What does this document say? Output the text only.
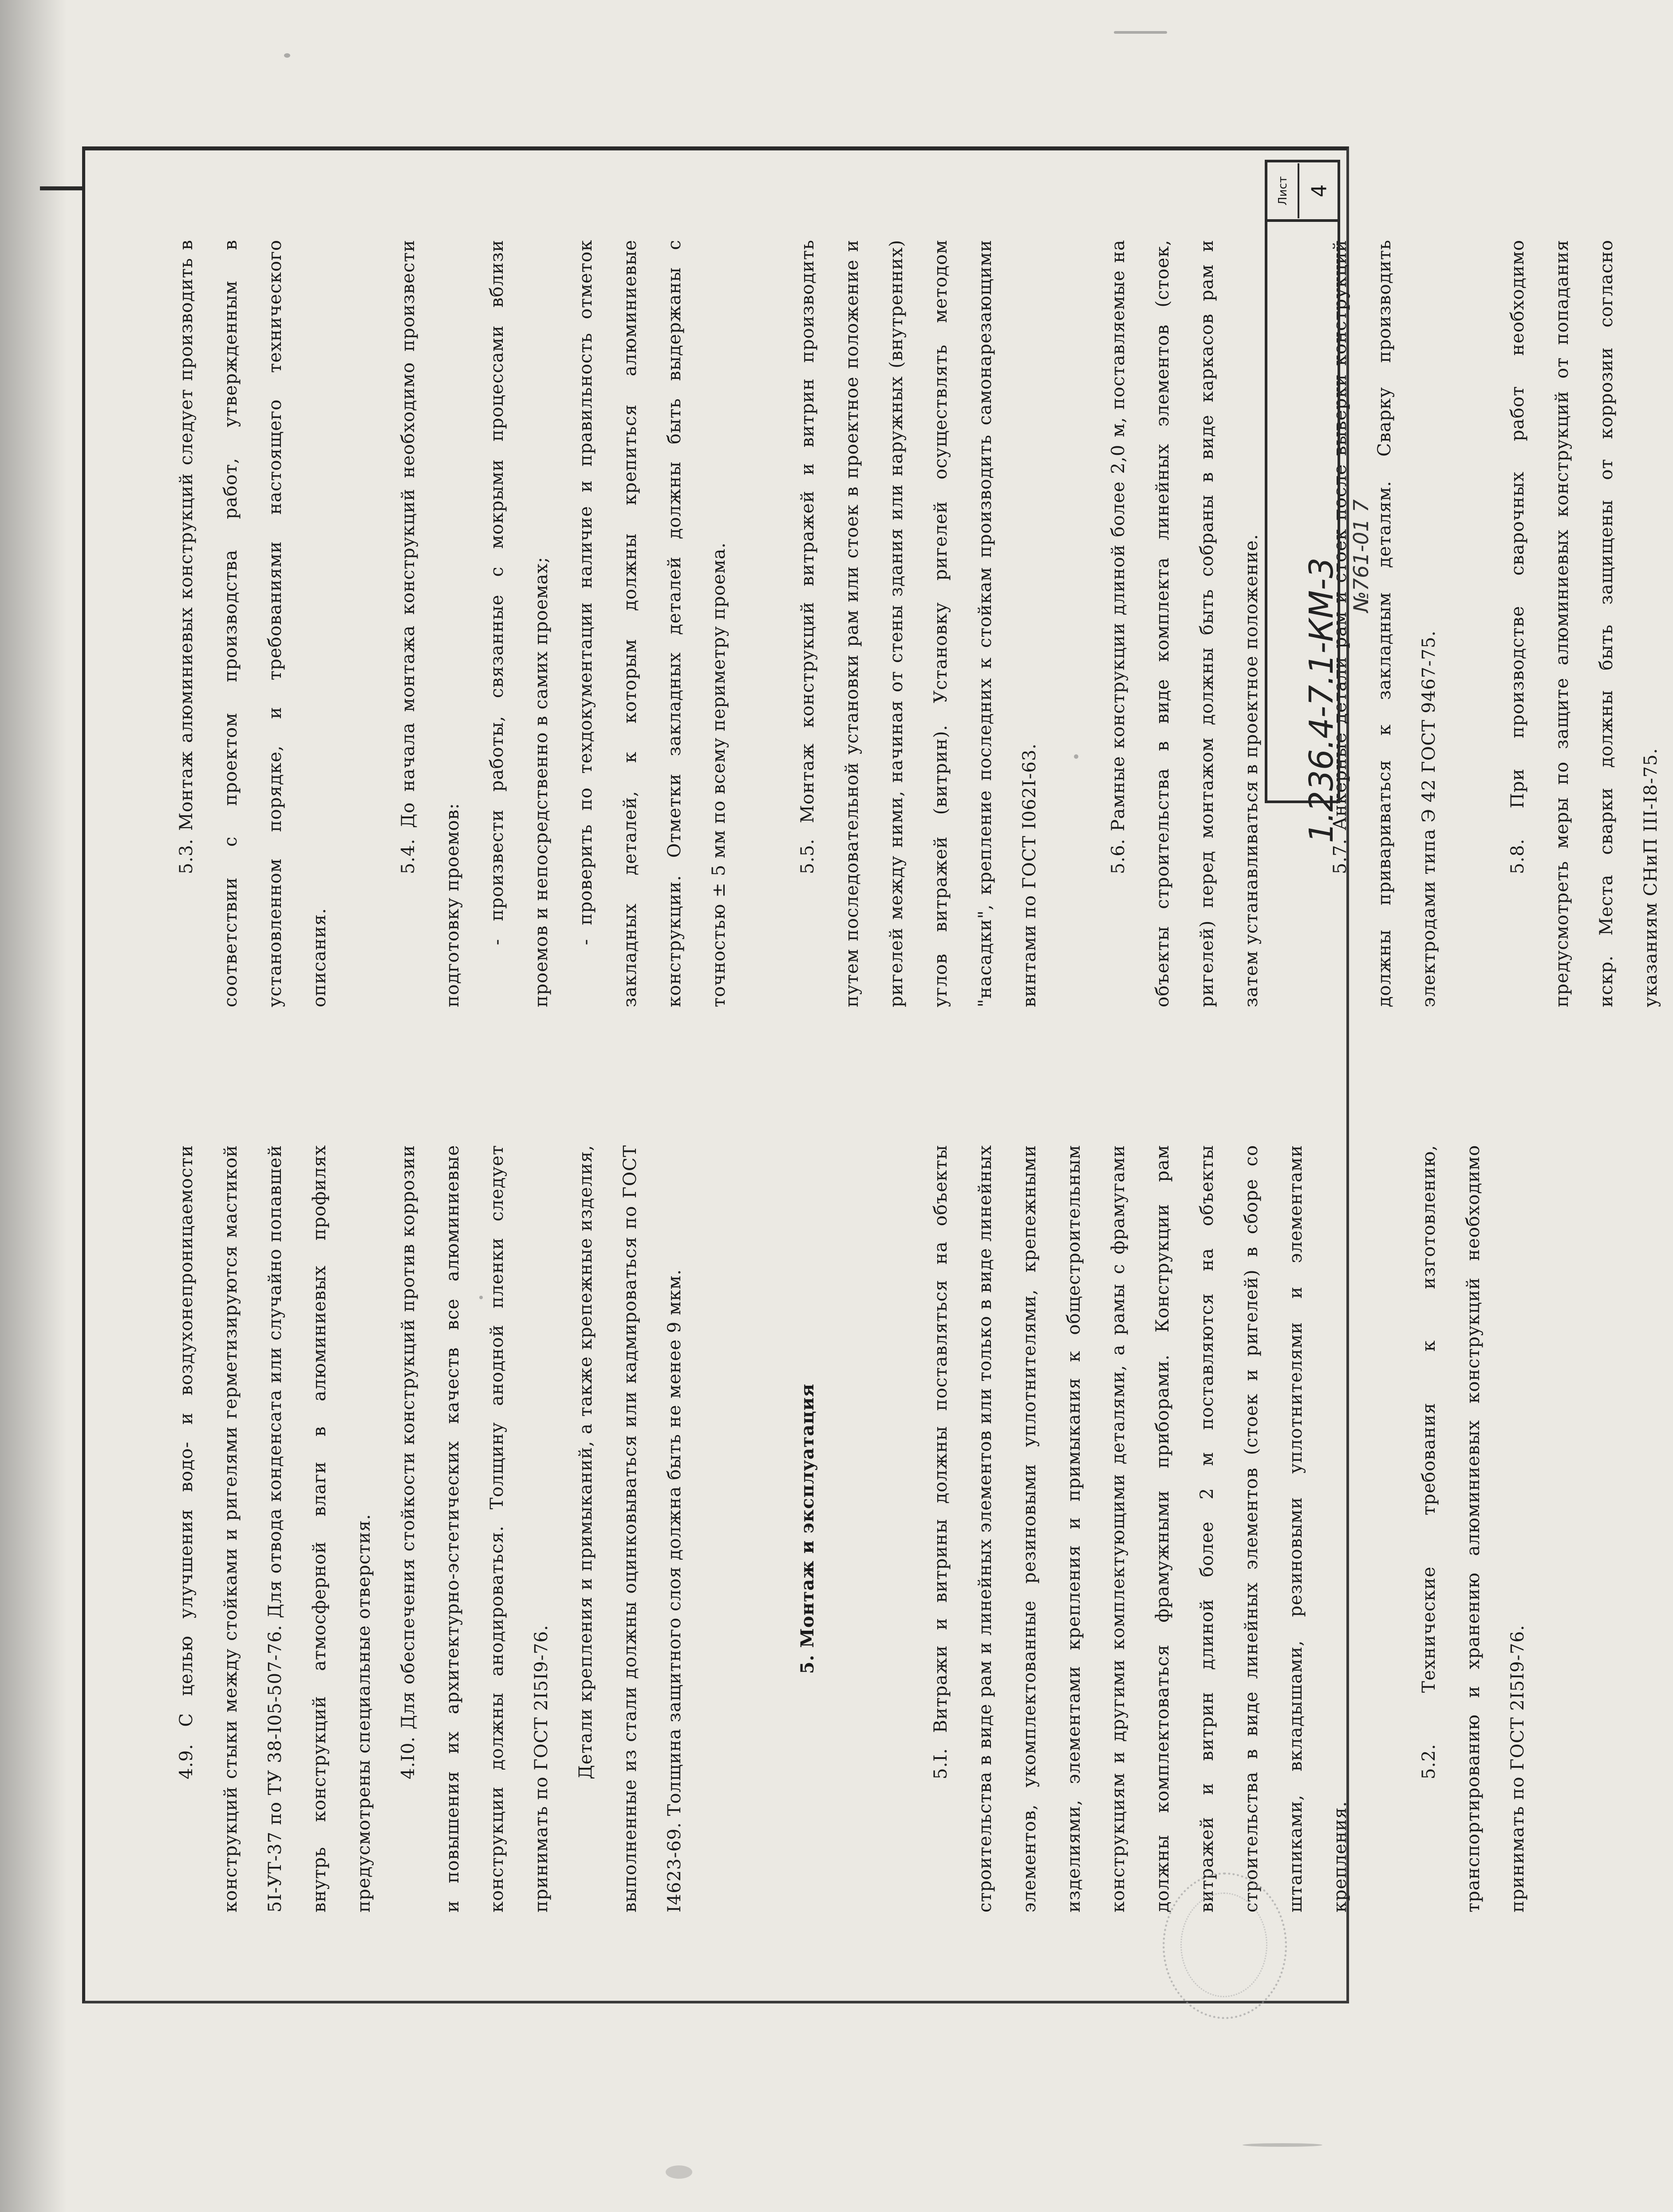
4.9. С целью улучшения водо- и воздухонепроницаемости конструкций стыки между стойками и ригелями герметизируются мастикой 5I-УТ-37 по ТУ 38-I05-507-76. Для отвода конденсата или случайно попавшей внутрь конструкций атмосферной влаги в алюминиевых профилях предусмотрены специальные отверстия.	4.I0. Для обеспечения стойкости конструкций против коррозии и повышения их архитектурно-эстетических качеств все алюминиевые конструкции должны анодироваться. Толщину анодной пленки следует принимать по ГОСТ 2I5I9-76.	Детали крепления и примыканий, а также крепежные изделия, выполненные из стали должны оцинковываться или кадмироваться по ГОСТ I4623-69. Толщина защитного слоя должна быть не менее 9 мкм.	5. Монтаж и эксплуатация	5.I. Витражи и витрины должны поставляться на объекты строительства в виде рам и линейных элементов или только в виде линейных элементов, укомплектованные резиновыми уплотнителями, крепежными изделиями, элементами крепления и примыкания к общестроительным конструкциям и другими комплектующими деталями, а рамы с фрамугами должны комплектоваться фрамужными приборами. Конструкции рам витражей и витрин длиной более 2 м поставляются на объекты строительства в виде линейных элементов (стоек и ригелей) в сборе со штапиками, вкладышами, резиновыми уплотнителями и элементами крепления.

5.2. Технические требования к изготовлению, транспортированию и хранению алюминиевых конструкций необходимо принимать по ГОСТ 2I5I9-76.

5.3. Монтаж алюминиевых конструкций следует производить в соответствии с проектом производства работ, утвержденным в установленном порядке, и требованиями настоящего технического описания.

5.4. До начала монтажа конструкций необходимо произвести подготовку проемов:	- произвести работы, связанные с мокрыми процессами вблизи проемов и непосредственно в самих проемах;	- проверить по техдокументации наличие и правильность отметок закладных деталей, к которым должны крепиться алюминиевые конструкции. Отметки закладных деталей должны быть выдержаны с точностью ± 5 мм по всему периметру проема.	5.5. Монтаж конструкций витражей и витрин производить путем последовательной установки рам или стоек в проектное положение и ригелей между ними, начиная от стены здания или наружных (внутренних) углов витражей (витрин). Установку ригелей осуществлять методом "насадки", крепление последних к стойкам производить самонарезающими винтами по ГОСТ I062I-63.

5.6. Рамные конструкции длиной более 2,0 м, поставляемые на объекты строительства в виде комплекта линейных элементов (стоек, ригелей) перед монтажом должны быть собраны в виде каркасов рам и затем устанавливаться в проектное положение.	5.7. Анкерные детали рам и стоек после выверки конструкций должны привариваться к закладным деталям. Сварку производить электродами типа Э 42 ГОСТ 9467-75.	5.8. При производстве сварочных работ необходимо предусмотреть меры по защите алюминиевых конструкций от попадания искр. Места сварки должны быть защищены от коррозии согласно указаниям СНиП III-I8-75.

Лист 4
1.236.4-7.1-КМ-3
№761-01 7
